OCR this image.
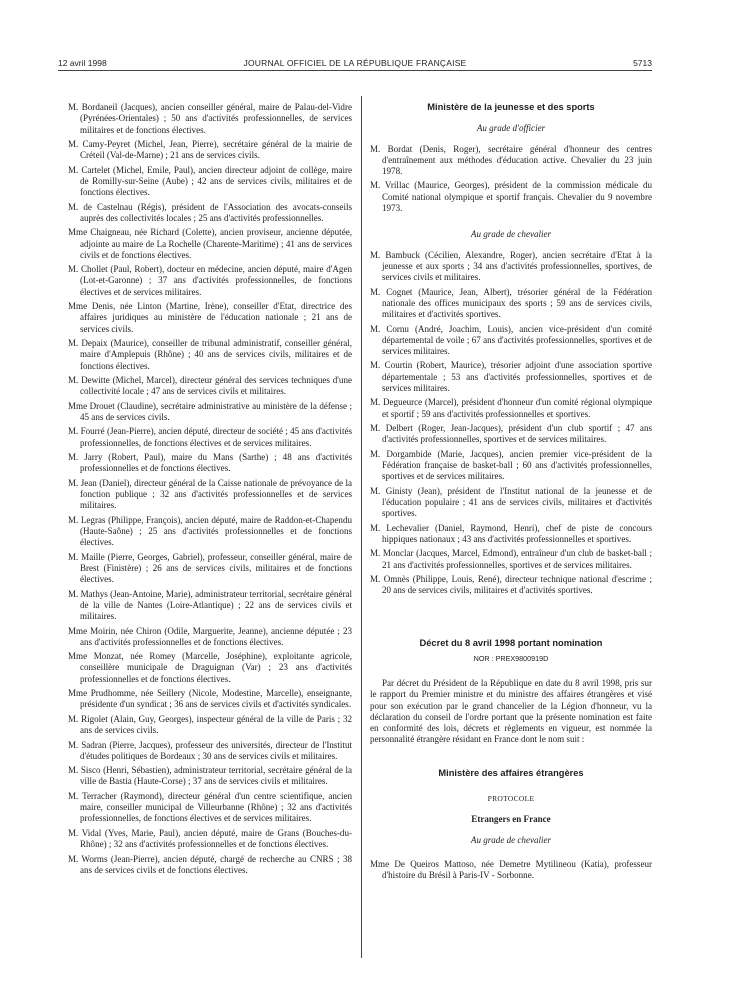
12 avril 1998	JOURNAL OFFICIEL DE LA RÉPUBLIQUE FRANÇAISE	5713

M. Bordaneil (Jacques), ancien conseiller général, maire de Palau-del-Vidre (Pyrénées-Orientales) ; 50 ans d'activités professionnelles, de services militaires et de fonctions électives.

M. Camy-Peyret (Michel, Jean, Pierre), secrétaire général de la mairie de Créteil (Val-de-Marne) ; 21 ans de services civils.

M. Cartelet (Michel, Emile, Paul), ancien directeur adjoint de collège, maire de Romilly-sur-Seine (Aube) ; 42 ans de services civils, militaires et de fonctions électives.

M. de Castelnau (Régis), président de l'Association des avocats-conseils auprès des collectivités locales ; 25 ans d'activités professionnelles.

Mme Chaigneau, née Richard (Colette), ancien proviseur, ancienne députée, adjointe au maire de La Rochelle (Charente-Maritime) ; 41 ans de services civils et de fonctions électives.

M. Chollet (Paul, Robert), docteur en médecine, ancien député, maire d'Agen (Lot-et-Garonne) ; 37 ans d'activités professionnelles, de fonctions électives et de services militaires.

Mme Denis, née Linton (Martine, Irène), conseiller d'Etat, directrice des affaires juridiques au ministère de l'éducation nationale ; 21 ans de services civils.

M. Depaix (Maurice), conseiller de tribunal administratif, conseiller général, maire d'Amplepuis (Rhône) ; 40 ans de services civils, militaires et de fonctions électives.

M. Dewitte (Michel, Marcel), directeur général des services techniques d'une collectivité locale ; 47 ans de services civils et militaires.

Mme Drouet (Claudine), secrétaire administrative au ministère de la défense ; 45 ans de services civils.

M. Fourré (Jean-Pierre), ancien député, directeur de société ; 45 ans d'activités professionnelles, de fonctions électives et de services militaires.

M. Jarry (Robert, Paul), maire du Mans (Sarthe) ; 48 ans d'activités professionnelles et de fonctions électives.

M. Jean (Daniel), directeur général de la Caisse nationale de prévoyance de la fonction publique ; 32 ans d'activités professionnelles et de services militaires.

M. Legras (Philippe, François), ancien député, maire de Raddon-et-Chapendu (Haute-Saône) ; 25 ans d'activités professionnelles et de fonctions électives.

M. Maille (Pierre, Georges, Gabriel), professeur, conseiller général, maire de Brest (Finistère) ; 26 ans de services civils, militaires et de fonctions électives.

M. Mathys (Jean-Antoine, Marie), administrateur territorial, secrétaire général de la ville de Nantes (Loire-Atlantique) ; 22 ans de services civils et militaires.

Mme Moirin, née Chiron (Odile, Marguerite, Jeanne), ancienne députée ; 23 ans d'activités professionnelles et de fonctions électives.

Mme Monzat, née Romey (Marcelle, Joséphine), exploitante agricole, conseillère municipale de Draguignan (Var) ; 23 ans d'activités professionnelles et de fonctions électives.

Mme Prudhomme, née Seillery (Nicole, Modestine, Marcelle), enseignante, présidente d'un syndicat ; 36 ans de services civils et d'activités syndicales.

M. Rigolet (Alain, Guy, Georges), inspecteur général de la ville de Paris ; 32 ans de services civils.

M. Sadran (Pierre, Jacques), professeur des universités, directeur de l'Institut d'études politiques de Bordeaux ; 30 ans de services civils et militaires.

M. Sisco (Henri, Sébastien), administrateur territorial, secrétaire général de la ville de Bastia (Haute-Corse) ; 37 ans de services civils et militaires.

M. Terracher (Raymond), directeur général d'un centre scientifique, ancien maire, conseiller municipal de Villeurbanne (Rhône) ; 32 ans d'activités professionnelles, de fonctions électives et de services militaires.

M. Vidal (Yves, Marie, Paul), ancien député, maire de Grans (Bouches-du-Rhône) ; 32 ans d'activités professionnelles et de fonctions électives.

M. Worms (Jean-Pierre), ancien député, chargé de recherche au CNRS ; 38 ans de services civils et de fonctions électives.

Ministère de la jeunesse et des sports
Au grade d'officier

M. Bordat (Denis, Roger), secrétaire général d'honneur des centres d'entraînement aux méthodes d'éducation active. Chevalier du 23 juin 1978.

M. Vrillac (Maurice, Georges), président de la commission médicale du Comité national olympique et sportif français. Chevalier du 9 novembre 1973.

Au grade de chevalier

M. Bambuck (Cécilien, Alexandre, Roger), ancien secrétaire d'Etat à la jeunesse et aux sports ; 34 ans d'activités professionnelles, sportives, de services civils et militaires.

M. Cognet (Maurice, Jean, Albert), trésorier général de la Fédération nationale des offices municipaux des sports ; 59 ans de services civils, militaires et d'activités sportives.

M. Cornu (André, Joachim, Louis), ancien vice-président d'un comité départemental de voile ; 67 ans d'activités professionnelles, sportives et de services militaires.

M. Courtin (Robert, Maurice), trésorier adjoint d'une association sportive départementale ; 53 ans d'activités professionnelles, sportives et de services militaires.

M. Degueurce (Marcel), président d'honneur d'un comité régional olympique et sportif ; 59 ans d'activités professionnelles et sportives.

M. Delbert (Roger, Jean-Jacques), président d'un club sportif ; 47 ans d'activités professionnelles, sportives et de services militaires.

M. Dorgambide (Marie, Jacques), ancien premier vice-président de la Fédération française de basket-ball ; 60 ans d'activités professionnelles, sportives et de services militaires.

M. Ginisty (Jean), président de l'Institut national de la jeunesse et de l'éducation populaire ; 41 ans de services civils, militaires et d'activités sportives.

M. Lechevalier (Daniel, Raymond, Henri), chef de piste de concours hippiques nationaux ; 43 ans d'activités professionnelles et sportives.

M. Monclar (Jacques, Marcel, Edmond), entraîneur d'un club de basket-ball ; 21 ans d'activités professionnelles, sportives et de services militaires.

M. Omnès (Philippe, Louis, René), directeur technique national d'escrime ; 20 ans de services civils, militaires et d'activités sportives.

Décret du 8 avril 1998 portant nomination
NOR : PREX9800919D

Par décret du Président de la République en date du 8 avril 1998, pris sur le rapport du Premier ministre et du ministre des affaires étrangères et visé pour son exécution par le grand chancelier de la Légion d'honneur, vu la déclaration du conseil de l'ordre portant que la présente nomination est faite en conformité des lois, décrets et règlements en vigueur, est nommée la personnalité étrangère résidant en France dont le nom suit :

Ministère des affaires étrangères
PROTOCOLE
Etrangers en France
Au grade de chevalier

Mme De Queiros Mattoso, née Demetre Mytilineou (Katia), professeur d'histoire du Brésil à Paris-IV - Sorbonne.
